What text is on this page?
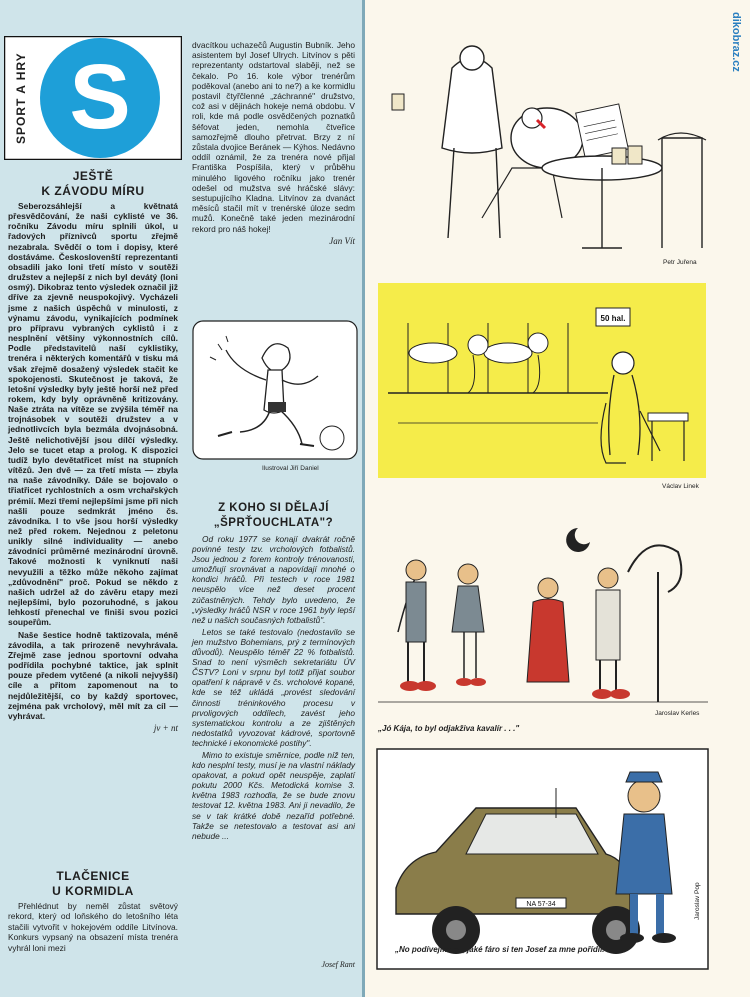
S
SPORT A HRY

JEŠTĚ

K ZÁVODU MÍRU

Seberozsáhlejší a květnatá přesvědčování, že naši cyklisté ve 36. ročníku Závodu míru splnili úkol, u řadových příznivců sportu zřejmě nezabrala. Svědčí o tom i dopisy, které dostáváme. Českoslovenští reprezentanti obsadili jako loni třetí místo v soutěži družstev a nejlepší z nich byl devátý (loni osmý). Dikobraz tento výsledek označil již dříve za zjevně neuspokojivý. Vycházeli jsme z našich úspěchů v minulosti, z výnamu závodu, vynikajících podmínek pro přípravu vybraných cyklistů i z nesplnění většiny výkonnostních cílů. Podle představitelů naší cyklistiky, trenéra i některých komentářů v tisku má však zřejmě dosažený výsledek stačit ke spokojenosti. Skutečnost je taková, že letošní výsledky byly ještě horší než před rokem, kdy byly oprávněně kritizovány. Naše ztráta na vítěze se zvýšila téměř na trojnásobek v soutěži družstev a v jednotlivcích byla bezmála dvojnásobná. Ještě nelichotivější jsou dílčí výsledky. Jelo se tucet etap a prolog. K dispozici tudíž bylo devětatřicet míst na stupních vítězů. Jen dvě — za třetí místa — zbyla na naše závodníky. Dále se bojovalo o třiatřicet rychlostních a osm vrchařských prémií. Mezi třemi nejlepšími jsme při nich našli pouze sedmkrát jméno čs. závodníka. I to vše jsou horší výsledky než před rokem. Nejednou z peletonu unikly silné individuality — anebo závodníci průměrné mezinárodní úrovně. Takové možnosti k vyniknutí naši nevyužili a těžko může někoho zajímat „zdůvodnění" proč. Pokud se někdo z našich udržel až do závěru etapy mezi nejlepšími, bylo pozoruhodné, s jakou lehkostí přenechal ve finiši svou pozici soupeřům.

Naše šestice hodně taktizovala, méně závodila, a tak prirozeně nevyhrávala. Zřejmě zase jednou sportovní odvaha podřídila pochybné taktice, jak splnit pouze předem vytčené (a nikoli nejvyšší) cíle a přitom zapomenout na to nejdůležitější, co by každý sportovec, zejména pak vrcholový, měl mít za cíl — vyhrávat.

jv + nt

TLAČENICE

U KORMIDLA

Přehlédnut by neměl zůstat světový rekord, který od loňského do letošního léta stačili vytvořit v hokejovém oddíle Litvínova. Konkurs vypsaný na obsazení místa trenéra vyhrál loni mezi

dvacítkou uchazečů Augustin Bubník. Jeho asistentem byl Josef Ulrych. Litvínov s pěti reprezentanty odstartoval slaběji, než se čekalo. Po 16. kole výbor trenérům poděkoval (anebo ani to ne?) a ke kormidlu postavil čtyřčlenné „záchranné" družstvo, což asi v dějinách hokeje nemá obdobu. V roli, kde má podle osvědčených poznatků šéfovat jeden, nemohla čtveřice samozřejmě dlouho přetrvat. Brzy z ní zůstala dvojice Beránek — Kýhos. Nedávno oddíl oznámil, že za trenéra nové přijal Františka Pospíšila, který v průběhu minulého ligového ročníku jako trenér odešel od mužstva své hráčské slávy: sestupujícího Kladna. Litvínov za dvanáct měsíců stačil mít v trenérské úloze sedm mužů. Konečně také jeden mezinárodní rekord pro náš hokej!

Jan Vít

Josef Rant
Ilustroval Jiří Daniel

Z KOHO SI DĚLAJÍ

„ŠPRŤOUCHLATA"?

Od roku 1977 se konají dvakrát ročně povinné testy tzv. vrcholových fotbalistů. Jsou jednou z forem kontroly trénovanosti, umožňují srovnávat a napovídají mnohé o kondici hráčů. Při testech v roce 1981 neuspělo více než deset procent zúčastněných. Tehdy bylo uvedeno, že „výsledky hráčů NSR v roce 1961 byly lepší než u našich současných fotbalistů".

Letos se také testovalo (nedostavilo se jen mužstvo Bohemians, prý z termínových důvodů). Neuspělo téměř 22 % fotbalistů. Snad to není výsměch sekretariátu ÚV ČSTV? Loni v srpnu byl totiž přijat soubor opatření k nápravě v čs. vrcholové kopané, kde se též ukládá „provést sledování činnosti tréninkového procesu v prvoligových oddílech, zavést jeho systematickou kontrolu a ze zjištěných nedostatků vyvozovat kádrové, sportovně technické i ekonomické postihy".

Mimo to existuje směrnice, podle níž ten, kdo nesplní testy, musí je na vlastní náklady opakovat, a pokud opět neuspěje, zaplatí pokutu 2000 Kčs. Metodická komise 3. května 1983 rozhodla, že se bude znovu testovat 12. května 1983. Ani ji nevadilo, že se v tak krátké době nezaříd potřebné. Takže se netestovalo a testovat asi ani nebude ...

dikobraz.cz
Petr Juřena
50 hal.
Václav Linek
Jaroslav Kerles
„Jó Kája, to byl odjakživa kavalír . . ."
NA 57-34	Jaroslav Pop
„No podívejme se, jaké fáro si ten Josef za mne pořídil."
